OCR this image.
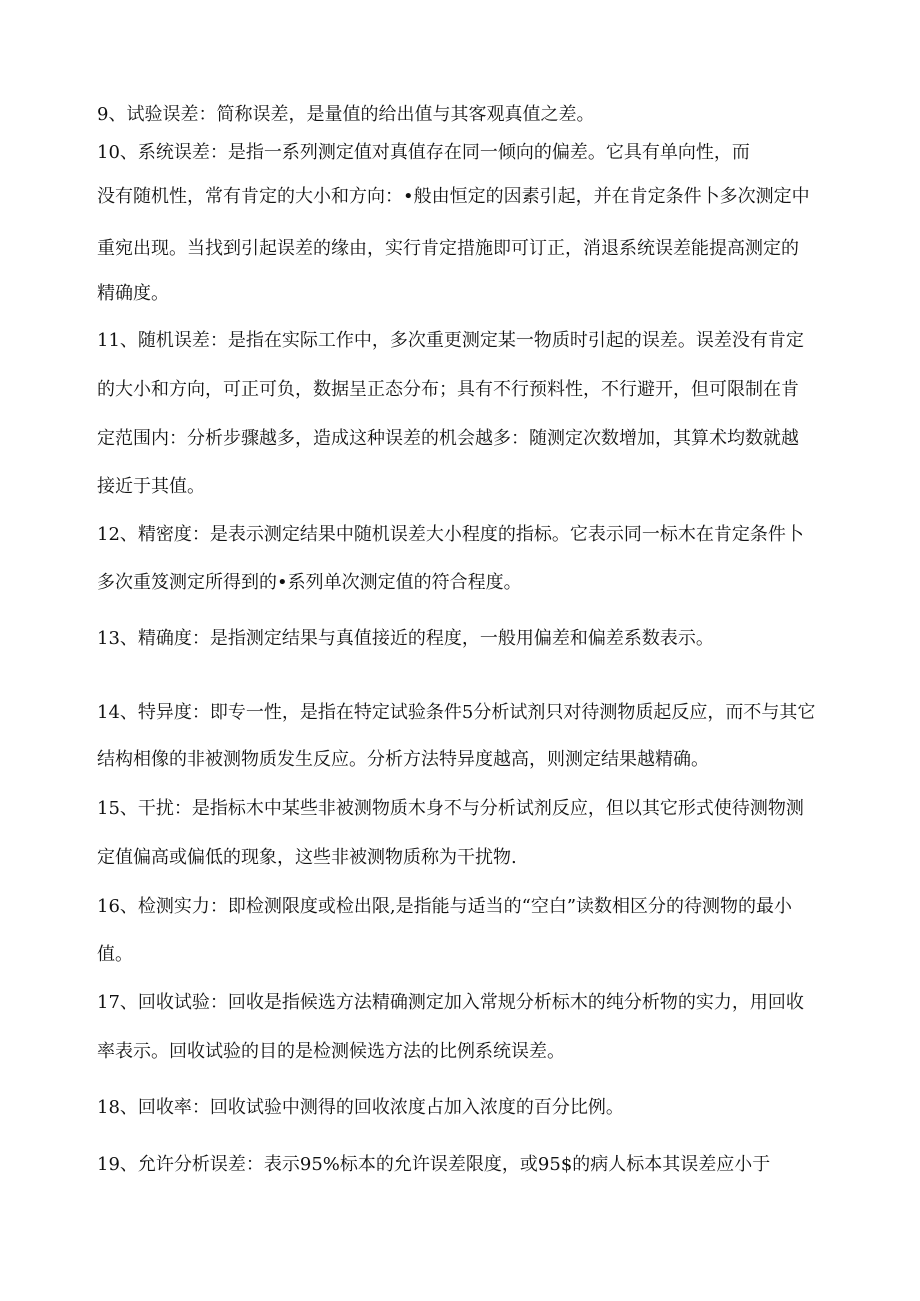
9、试验误差：简称误差，是量值的给出值与其客观真值之差。
10、系统误差：是指一系列测定值对真值存在同一倾向的偏差。它具有单向性，而
没有随机性，常有肯定的大小和方向：•般由恒定的因素引起，并在肯定条件卜多次测定中
重宛出现。当找到引起误差的缘由，实行肯定措施即可订正，消退系统误差能提高测定的
精确度。
11、随机误差：是指在实际工作中，多次重更测定某一物质时引起的误差。误差没有肯定
的大小和方向，可正可负，数据呈正态分布；具有不行预料性，不行避开，但可限制在肯
定范围内：分析步骤越多，造成这种误差的机会越多：随测定次数增加，其算术均数就越
接近于其值。
12、精密度：是表示测定结果中随机误差大小程度的指标。它表示同一标木在肯定条件卜
多次重笈测定所得到的•系列单次测定值的符合程度。
13、精确度：是指测定结果与真值接近的程度，一般用偏差和偏差系数表示。
14、特异度：即专一性，是指在特定试验条件5分析试剂只对待测物质起反应，而不与其它
结构相像的非被测物质发生反应。分析方法特异度越高，则测定结果越精确。
15、干扰：是指标木中某些非被测物质木身不与分析试剂反应，但以其它形式使待测物测
定值偏高或偏低的现象，这些非被测物质称为干扰物.
16、检测实力：即检测限度或检出限,是指能与适当的“空白”读数相区分的待测物的最小
值。
17、回收试验：回收是指候选方法精确测定加入常规分析标木的纯分析物的实力，用回收
率表示。回收试验的目的是检测候选方法的比例系统误差。
18、回收率：回收试验中测得的回收浓度占加入浓度的百分比例。
19、允许分析误差：表示95%标本的允许误差限度，或95$的病人标本其误差应小于
